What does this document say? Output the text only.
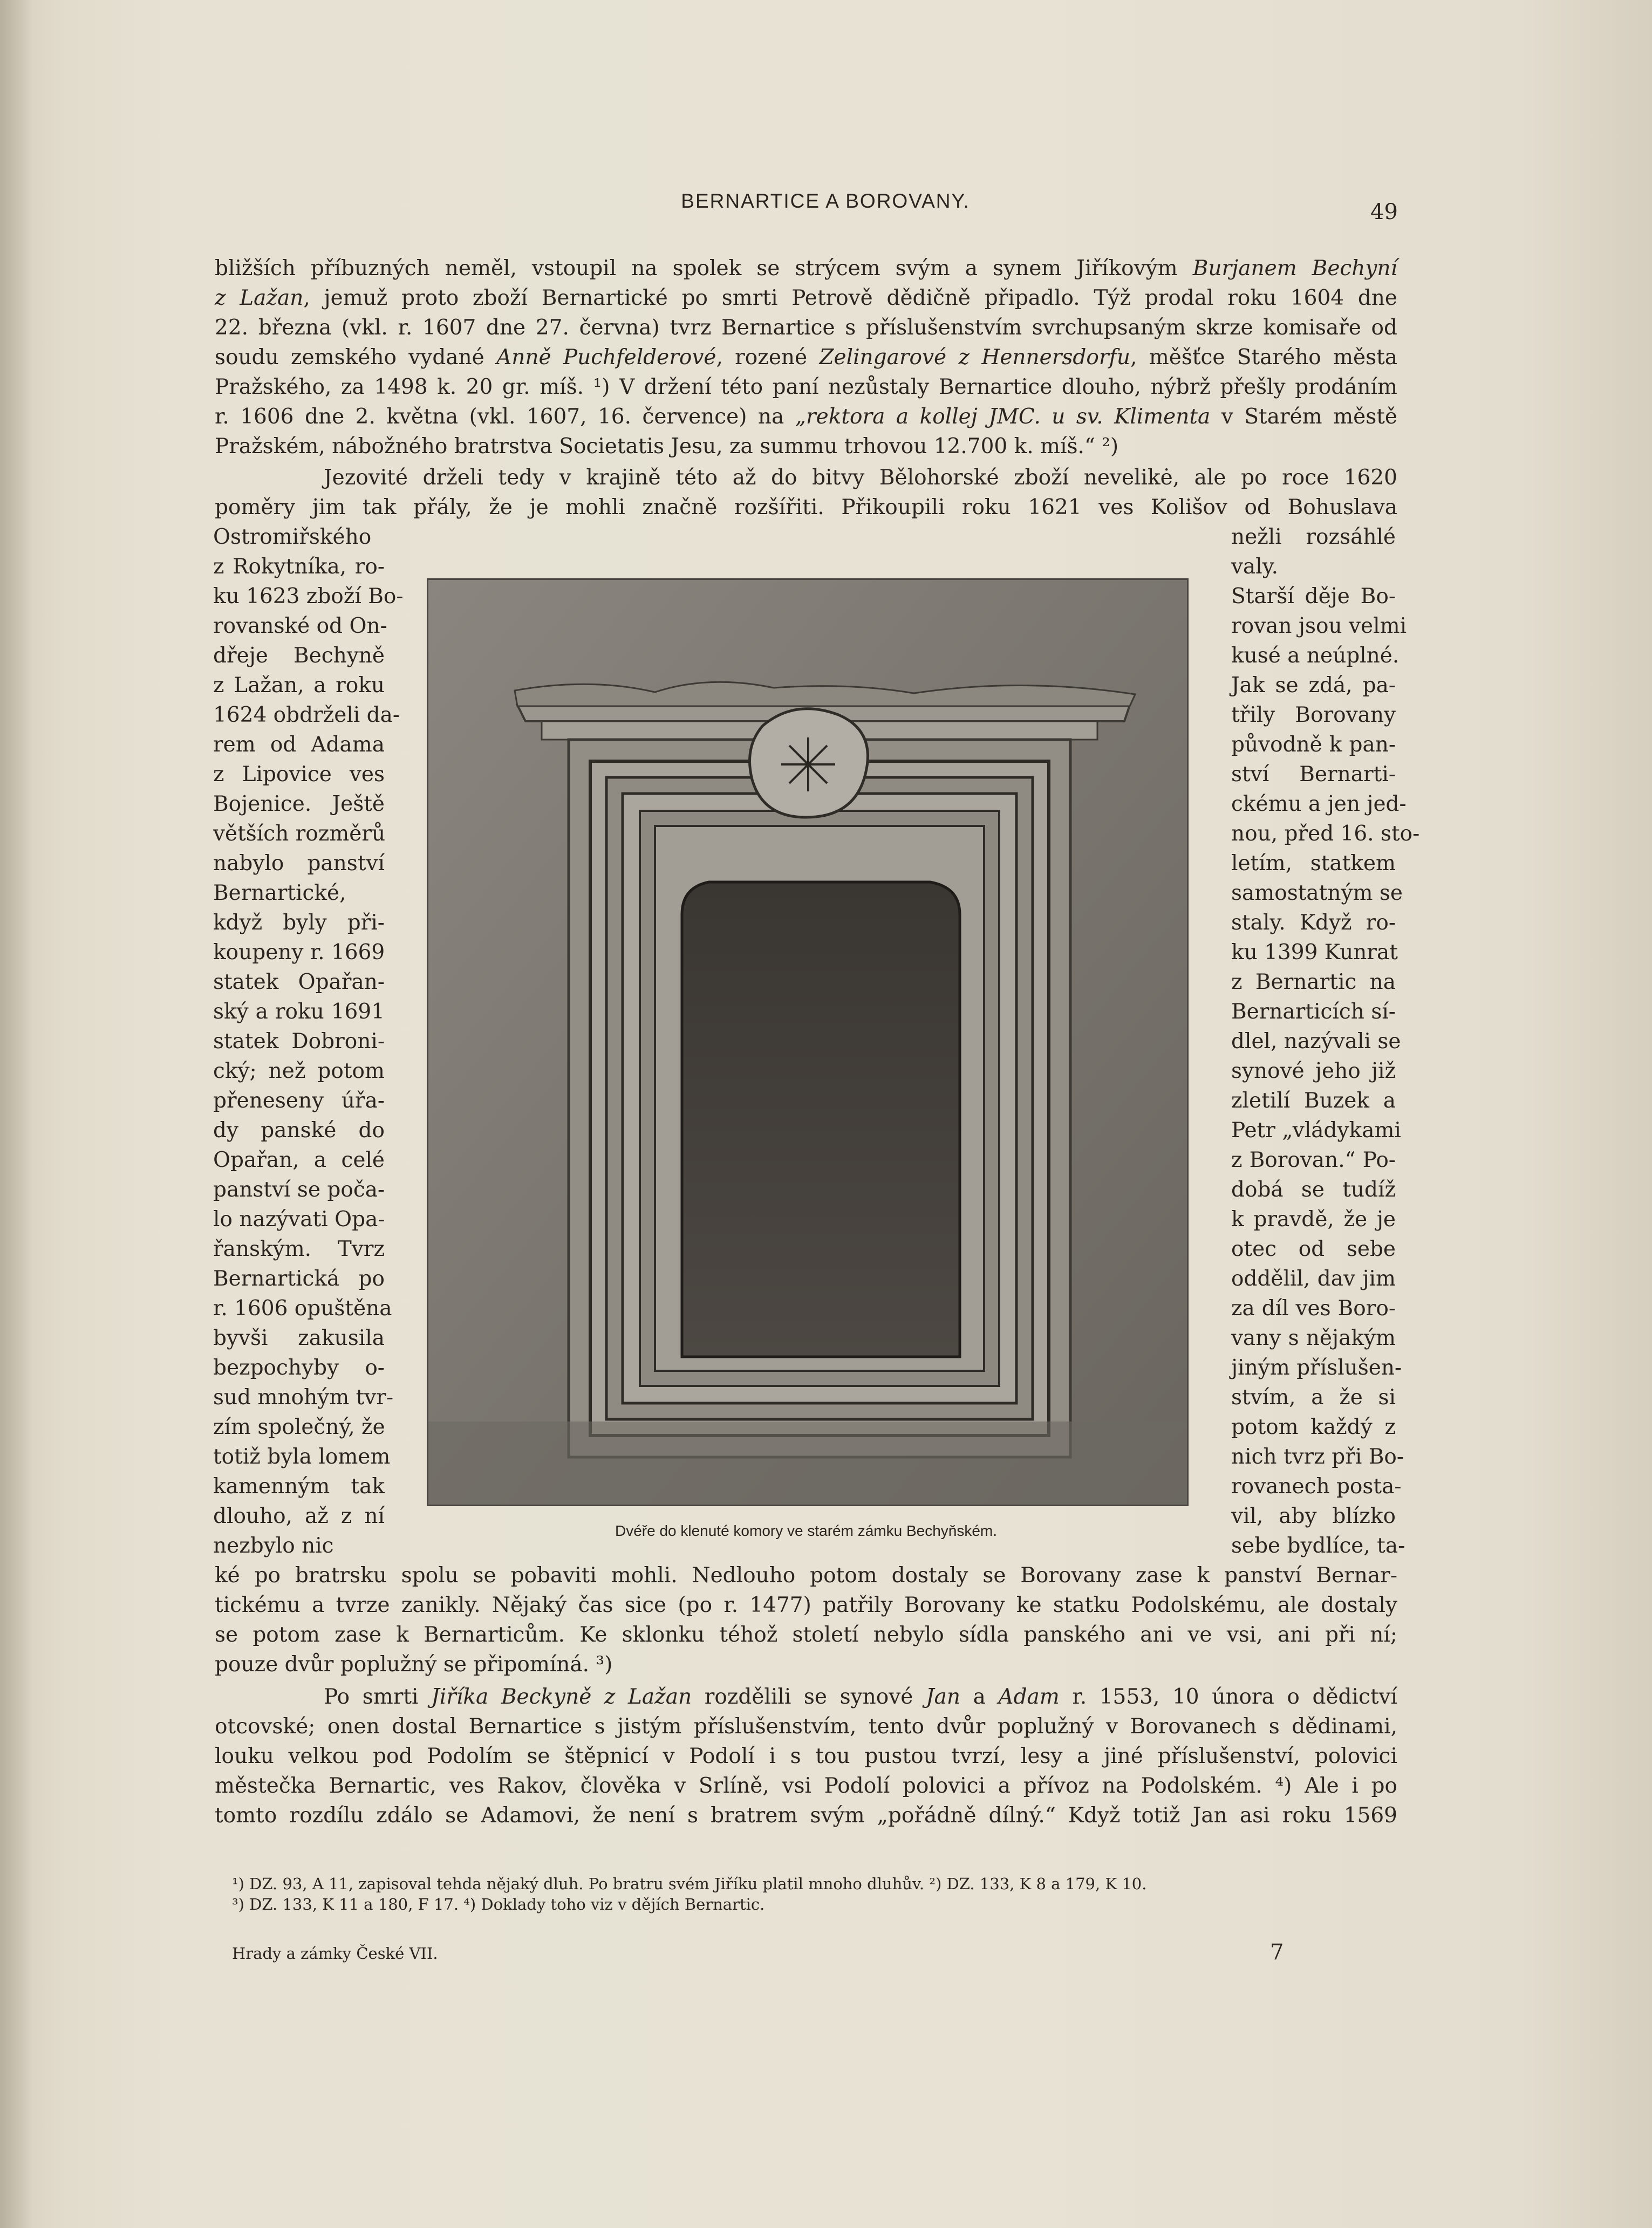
BERNARTICE A BOROVANY.	49
bližších příbuzných neměl, vstoupil na spolek se strýcem svým a synem Jiříkovým Burjanem Bechyní
z Lažan, jemuž proto zboží Bernartické po smrti Petrově dědičně připadlo. Týž prodal roku 1604 dne
22. března (vkl. r. 1607 dne 27. června) tvrz Bernartice s příslušenstvím svrchupsaným skrze komisaře od
soudu zemského vydané Anně Puchfelderové, rozené Zelingarové z Hennersdorfu, měšťce Starého města
Pražského, za 1498 k. 20 gr. míš. ¹) V držení této paní nezůstaly Bernartice dlouho, nýbrž přešly prodáním
r. 1606 dne 2. května (vkl. 1607, 16. července) na „rektora a kollej JMC. u sv. Klimenta v Starém městě
Pražském, nábožného bratrstva Societatis Jesu, za summu trhovou 12.700 k. míš.“ ²)
Jezovité drželi tedy v krajině této až do bitvy Bělohorské zboží nevelikė, ale po roce 1620
poměry jim tak přály, že je mohli značně rozšířiti. Přikoupili roku 1621 ves Kolišov od Bohuslava
Ostromiřského
z Rokytníka, ro-
ku 1623 zboží Bo-
rovanské od On-
dřeje Bechyně
z Lažan, a roku
1624 obdrželi da-
rem od Adama
z Lipovice ves
Bojenice. Ještě
větších rozměrů
nabylo panství
Bernartické,
když byly při-
koupeny r. 1669
statek Opařan-
ský a roku 1691
statek Dobroni-
cký; než potom
přeneseny úřa-
dy panské do
Opařan, a celé
panství se poča-
lo nazývati Opa-
řanským. Tvrz
Bernartická po
r. 1606 opuštěna
byvši zakusila
bezpochyby o-
sud mnohým tvr-
zím společný, že
totiž byla lomem
kamenným tak
dlouho, až z ní
nezbylo nic
nežli rozsáhlé
valy.
Starší děje Bo-
rovan jsou velmi
kusé a neúplné.
Jak se zdá, pa-
třily Borovany
původně k pan-
ství Bernarti-
ckému a jen jed-
nou, před 16. sto-
letím, statkem
samostatným se
staly. Když ro-
ku 1399 Kunrat
z Bernartic na
Bernarticích sí-
dlel, nazývali se
synové jeho již
zletilí Buzek a
Petr „vládykami
z Borovan.“ Po-
dobá se tudíž
k pravdě, že je
otec od sebe
oddělil, dav jim
za díl ves Boro-
vany s nějakým
jiným příslušen-
stvím, a že si
potom každý z
nich tvrz při Bo-
rovanech posta-
vil, aby blízko
sebe bydlíce, ta-
Dvéře do klenuté komory ve starém zámku Bechyňském.
ké po bratrsku spolu se pobaviti mohli. Nedlouho potom dostaly se Borovany zase k panství Bernar-
tickému a tvrze zanikly. Nějaký čas sice (po r. 1477) patřily Borovany ke statku Podolskému, ale dostaly
se potom zase k Bernarticům. Ke sklonku téhož století nebylo sídla panského ani ve vsi, ani při ní;
pouze dvůr poplužný se připomíná. ³)
Po smrti Jiříka Beckyně z Lažan rozdělili se synové Jan a Adam r. 1553, 10 února o dědictví
otcovské; onen dostal Bernartice s jistým příslušenstvím, tento dvůr poplužný v Borovanech s dědinami,
louku velkou pod Podolím se štěpnicí v Podolí i s tou pustou tvrzí, lesy a jiné příslušenství, polovici
městečka Bernartic, ves Rakov, člověka v Srlíně, vsi Podolí polovici a přívoz na Podolském. ⁴) Ale i po
tomto rozdílu zdálo se Adamovi, že není s bratrem svým „pořádně dílný.“ Když totiž Jan asi roku 1569
¹) DZ. 93, A 11, zapisoval tehda nějaký dluh. Po bratru svém Jiříku platil mnoho dluhův. ²) DZ. 133, K 8 a 179, K 10.
³) DZ. 133, K 11 a 180, F 17. ⁴) Doklady toho viz v dějích Bernartic.
Hrady a zámky České VII.	7
